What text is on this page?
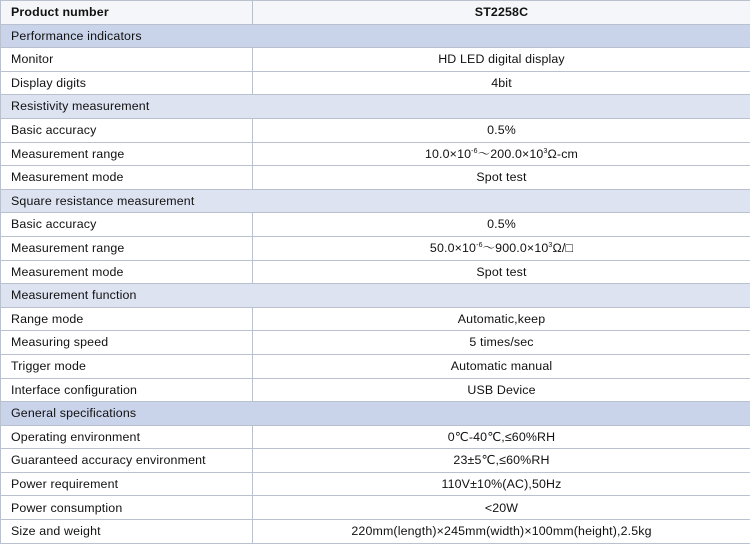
Product number	ST2258C
Performance indicators	
Monitor	HD LED digital display
Display digits	4bit
Resistivity measurement	
Basic accuracy	0.5%
Measurement range	$10.0\times 10^{-6}\sim 200.0\times 10^3\Omega-cm$
Measurement mode	Spot test
Square resistance measurement	
Basic accuracy	0.5%
Measurement range	$50.0\times 10^{-6}\sim 900.0\times 10^3\Omega/□$
Measurement mode	Spot test
Measurement function	
Range mode	Automatic,keep
Measuring speed	5 times/sec
Trigger mode	Automatic manual
Interface configuration	USB Device
General specifications	
Operating environment	0℃-40℃,≤60%RH
Guaranteed accuracy environment	23±5℃,≤60%RH
Power requirement	110V±10%(AC),50Hz
Power consumption	<20W
Size and weight	220mm(length)×245mm(width)×100mm(height),2.5kg
